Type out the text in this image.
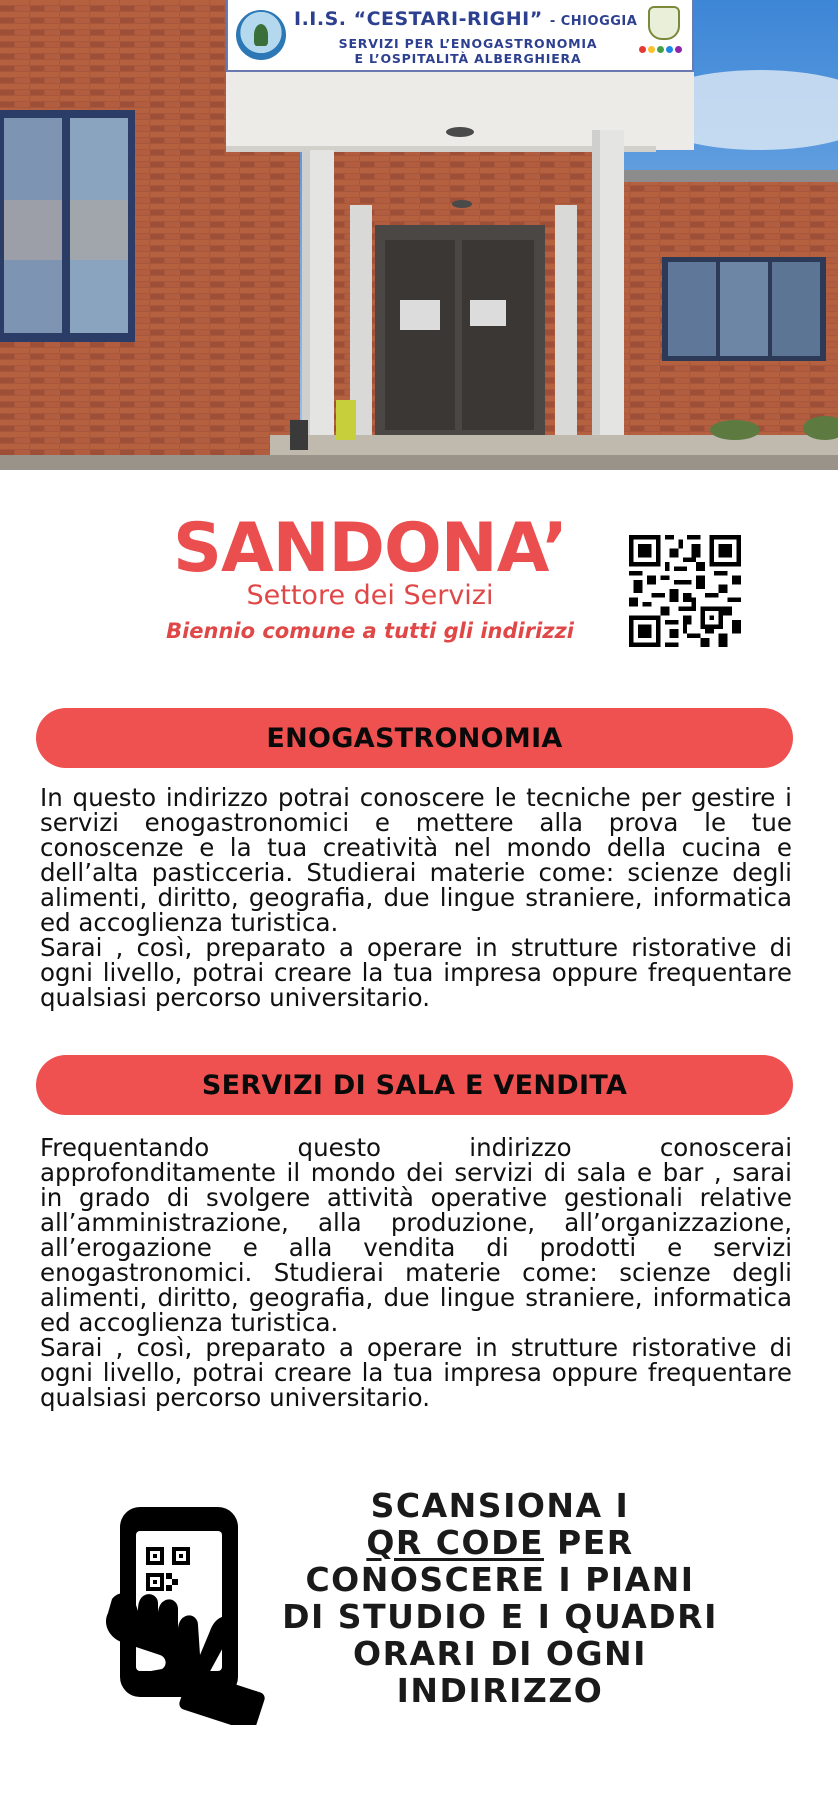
I.I.S. “CESTARI-RIGHI” - CHIOGGIA
SERVIZI PER L’ENOGASTRONOMIA
E L’OSPITALITÀ ALBERGHIERA
SANDONA’
Settore dei Servizi
Biennio comune a tutti gli indirizzi
ENOGASTRONOMIA

In questo indirizzo potrai conoscere le tecniche per gestire i servizi enogastronomici e mettere alla prova le tue conoscenze e la tua creatività nel mondo della cucina e dell’alta pasticceria. Studierai materie come: scienze degli alimenti, diritto, geografia, due lingue straniere, informatica ed accoglienza turistica.

Sarai , così, preparato a operare in strutture ristorative di ogni livello, potrai creare la tua impresa oppure frequentare qualsiasi percorso universitario.

SERVIZI DI SALA E VENDITA

Frequentando questo indirizzo conoscerai approfonditamente il mondo dei servizi di sala e bar , sarai in grado di svolgere attività operative gestionali relative all’amministrazione, alla produzione, all’organizzazione, all’erogazione e alla vendita di prodotti e servizi enogastronomici. Studierai materie come: scienze degli alimenti, diritto, geografia, due lingue straniere, informatica ed accoglienza turistica.

Sarai , così, preparato a operare in strutture ristorative di ogni livello, potrai creare la tua impresa oppure frequentare qualsiasi percorso universitario.

SCANSIONA I
QR CODE PER
CONOSCERE I PIANI
DI STUDIO E I QUADRI
ORARI DI OGNI
INDIRIZZO
